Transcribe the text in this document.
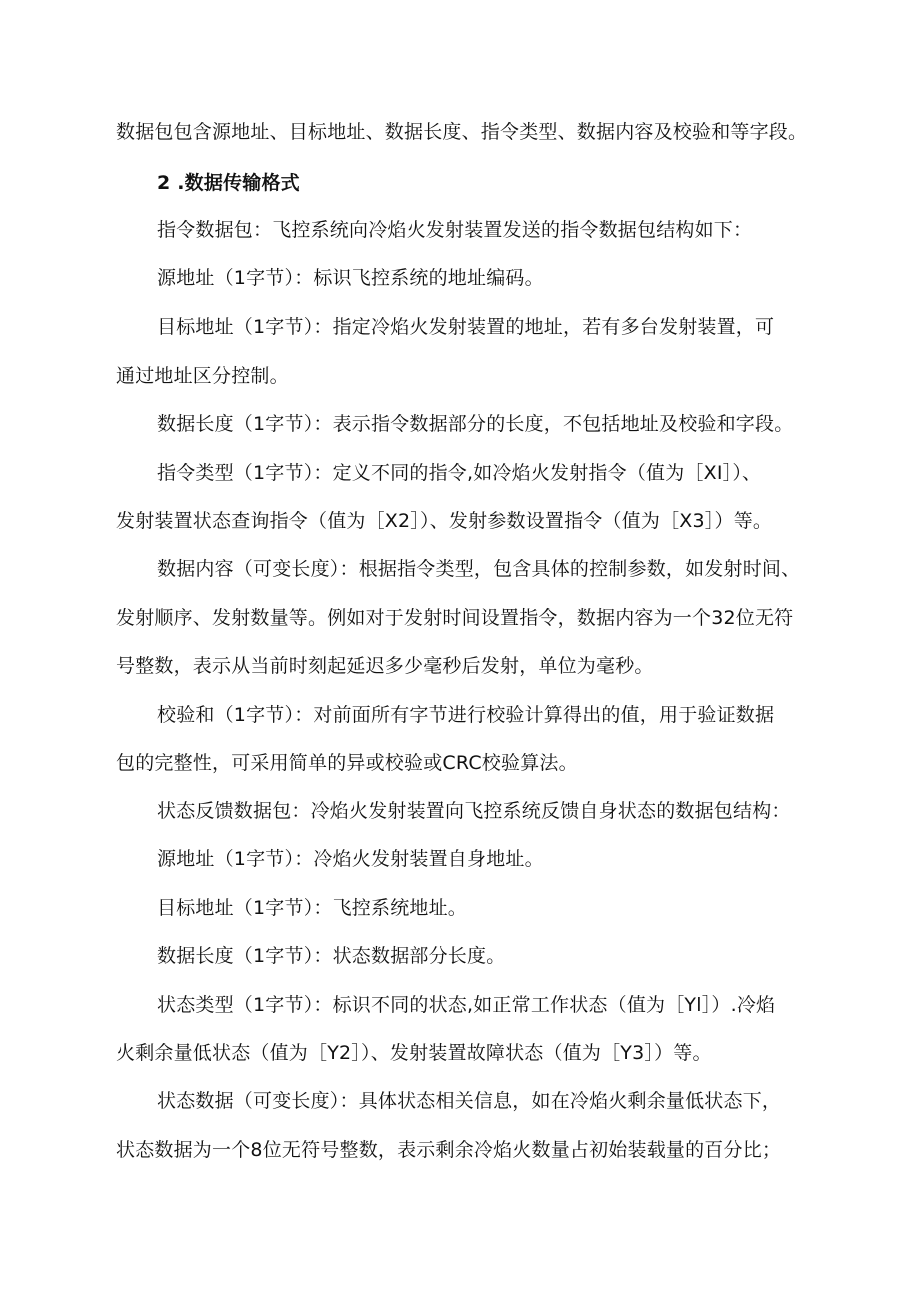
数据包包含源地址、目标地址、数据长度、指令类型、数据内容及校验和等字段。
2 .数据传输格式
指令数据包：飞控系统向冷焰火发射装置发送的指令数据包结构如下：
源地址（1字节）：标识飞控系统的地址编码。
目标地址（1字节）：指定冷焰火发射装置的地址，若有多台发射装置，可
通过地址区分控制。
数据长度（1字节）：表示指令数据部分的长度，不包括地址及校验和字段。
指令类型（1字节）：定义不同的指令,如冷焰火发射指令（值为［XI］）、
发射装置状态查询指令（值为［X2］）、发射参数设置指令（值为［X3］）等。
数据内容（可变长度）：根据指令类型，包含具体的控制参数，如发射时间、
发射顺序、发射数量等。例如对于发射时间设置指令，数据内容为一个32位无符
号整数，表示从当前时刻起延迟多少毫秒后发射，单位为毫秒。
校验和（1字节）：对前面所有字节进行校验计算得出的值，用于验证数据
包的完整性，可采用简单的异或校验或CRC校验算法。
状态反馈数据包：冷焰火发射装置向飞控系统反馈自身状态的数据包结构：
源地址（1字节）：冷焰火发射装置自身地址。
目标地址（1字节）：飞控系统地址。
数据长度（1字节）：状态数据部分长度。
状态类型（1字节）：标识不同的状态,如正常工作状态（值为［Yl］）.冷焰
火剩余量低状态（值为［Y2］）、发射装置故障状态（值为［Y3］）等。
状态数据（可变长度）：具体状态相关信息，如在冷焰火剩余量低状态下，
状态数据为一个8位无符号整数，表示剩余冷焰火数量占初始装载量的百分比；
